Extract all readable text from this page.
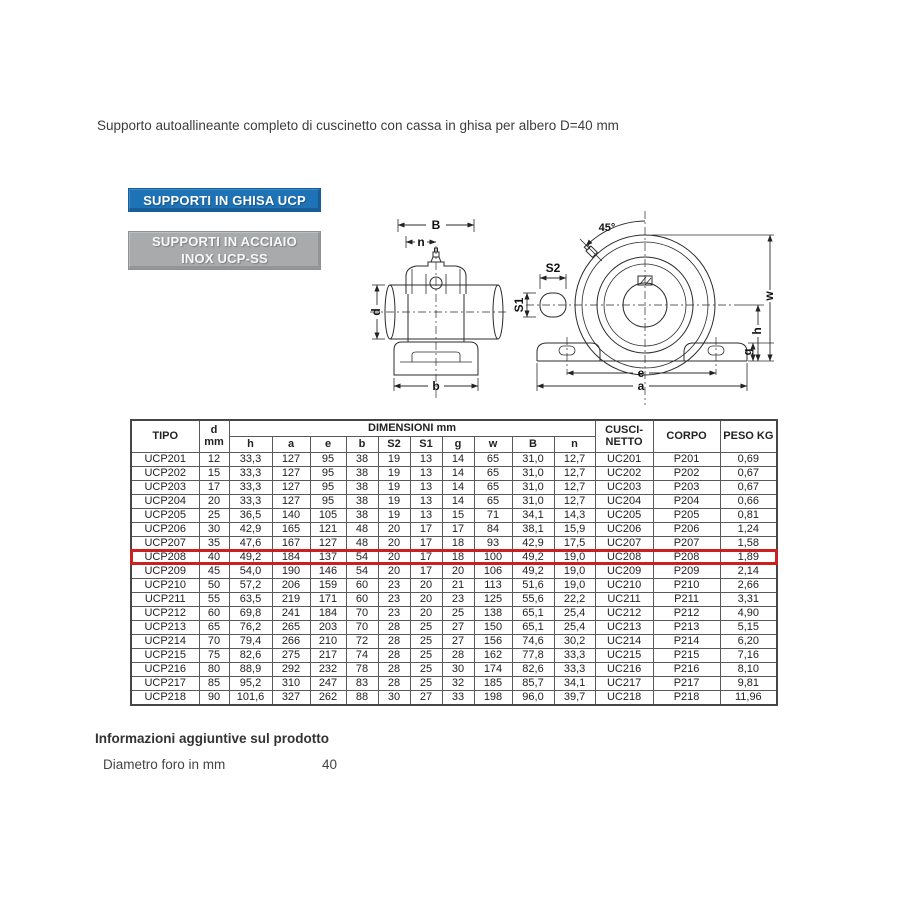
Supporto autoallineante completo di cuscinetto con cassa in ghisa per albero D=40 mm
SUPPORTI IN GHISA UCP
SUPPORTI IN ACCIAIO
INOX UCP-SS
B
n
d
b
45°
S2
S1
g
h
w
e
a
TIPO	d
mm	DIMENSIONI mm										CUSCI-
NETTO	CORPO	PESO KG
		h	a	e	b	S2	S1	g	w	B	n			
UCP201	12	33,3	127	95	38	19	13	14	65	31,0	12,7	UC201	P201	0,69
UCP202	15	33,3	127	95	38	19	13	14	65	31,0	12,7	UC202	P202	0,67
UCP203	17	33,3	127	95	38	19	13	14	65	31,0	12,7	UC203	P203	0,67
UCP204	20	33,3	127	95	38	19	13	14	65	31,0	12,7	UC204	P204	0,66
UCP205	25	36,5	140	105	38	19	13	15	71	34,1	14,3	UC205	P205	0,81
UCP206	30	42,9	165	121	48	20	17	17	84	38,1	15,9	UC206	P206	1,24
UCP207	35	47,6	167	127	48	20	17	18	93	42,9	17,5	UC207	P207	1,58
UCP208	40	49,2	184	137	54	20	17	18	100	49,2	19,0	UC208	P208	1,89
UCP209	45	54,0	190	146	54	20	17	20	106	49,2	19,0	UC209	P209	2,14
UCP210	50	57,2	206	159	60	23	20	21	113	51,6	19,0	UC210	P210	2,66
UCP211	55	63,5	219	171	60	23	20	23	125	55,6	22,2	UC211	P211	3,31
UCP212	60	69,8	241	184	70	23	20	25	138	65,1	25,4	UC212	P212	4,90
UCP213	65	76,2	265	203	70	28	25	27	150	65,1	25,4	UC213	P213	5,15
UCP214	70	79,4	266	210	72	28	25	27	156	74,6	30,2	UC214	P214	6,20
UCP215	75	82,6	275	217	74	28	25	28	162	77,8	33,3	UC215	P215	7,16
UCP216	80	88,9	292	232	78	28	25	30	174	82,6	33,3	UC216	P216	8,10
UCP217	85	95,2	310	247	83	28	25	32	185	85,7	34,1	UC217	P217	9,81
UCP218	90	101,6	327	262	88	30	27	33	198	96,0	39,7	UC218	P218	11,96
Informazioni aggiuntive sul prodotto
Diametro foro in mm	40
